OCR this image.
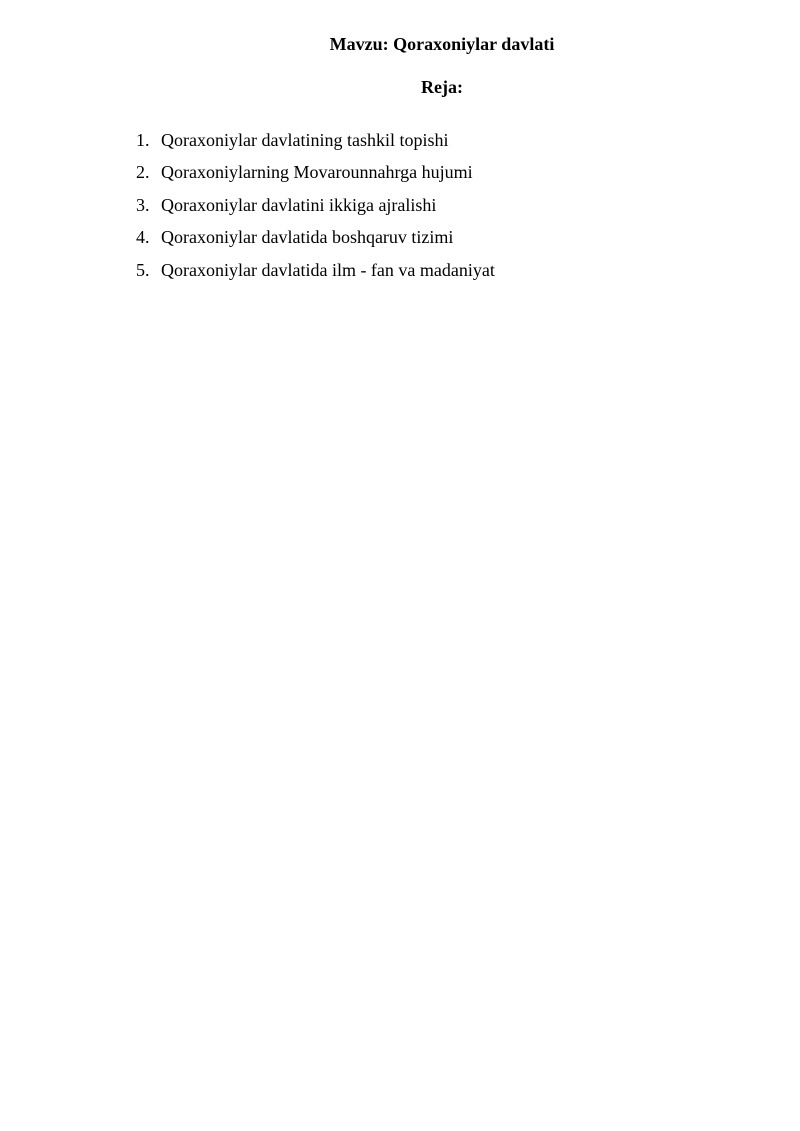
Mavzu: Qoraxoniylar davlati
Reja:
1. Qoraxoniylar davlatining tashkil topishi
2. Qoraxoniylarning Movarounnahrga hujumi
3. Qoraxoniylar davlatini ikkiga ajralishi
4. Qoraxoniylar davlatida boshqaruv tizimi
5. Qoraxoniylar davlatida ilm - fan va madaniyat
